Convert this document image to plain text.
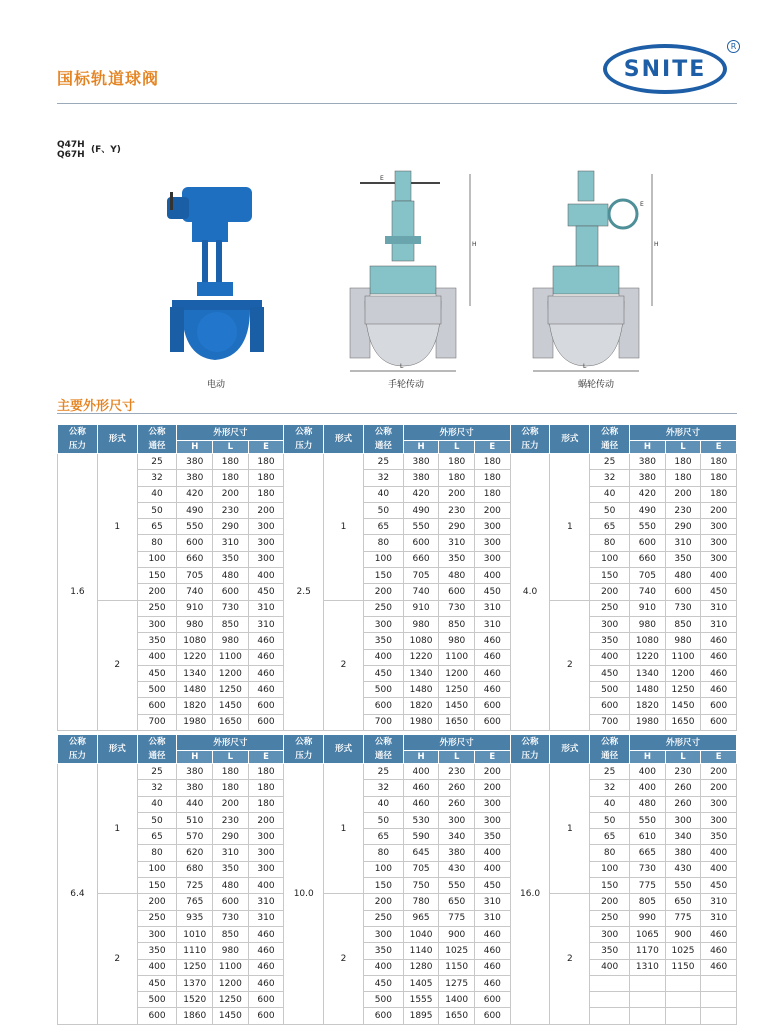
国标轨道球阀	SNITE
R
Q47H
Q67H (F、Y)
电动
E
H
L
手轮传动
E
H
L
蜗轮传动
主要外形尺寸
公称
压力	形式	公称
通径	外形尺寸			公称
压力	形式	公称
通径	外形尺寸			公称
压力	形式	公称
通径	外形尺寸		
			H	L	E				H	L	E				H	L	E
1.6	1	25	380	180	180	2.5	1	25	380	180	180	4.0	1	25	380	180	180
		32	380	180	180			32	380	180	180			32	380	180	180
		40	420	200	180			40	420	200	180			40	420	200	180
		50	490	230	200			50	490	230	200			50	490	230	200
		65	550	290	300			65	550	290	300			65	550	290	300
		80	600	310	300			80	600	310	300			80	600	310	300
		100	660	350	300			100	660	350	300			100	660	350	300
		150	705	480	400			150	705	480	400			150	705	480	400
		200	740	600	450			200	740	600	450			200	740	600	450
	2	250	910	730	310		2	250	910	730	310		2	250	910	730	310
		300	980	850	310			300	980	850	310			300	980	850	310
		350	1080	980	460			350	1080	980	460			350	1080	980	460
		400	1220	1100	460			400	1220	1100	460			400	1220	1100	460
		450	1340	1200	460			450	1340	1200	460			450	1340	1200	460
		500	1480	1250	460			500	1480	1250	460			500	1480	1250	460
		600	1820	1450	600			600	1820	1450	600			600	1820	1450	600
		700	1980	1650	600			700	1980	1650	600			700	1980	1650	600
公称
压力	形式	公称
通径	外形尺寸			公称
压力	形式	公称
通径	外形尺寸			公称
压力	形式	公称
通径	外形尺寸		
			H	L	E				H	L	E				H	L	E
6.4	1	25	380	180	180	10.0	1	25	400	230	200	16.0	1	25	400	230	200
		32	380	180	180			32	460	260	200			32	400	260	200
		40	440	200	180			40	460	260	300			40	480	260	300
		50	510	230	200			50	530	300	300			50	550	300	300
		65	570	290	300			65	590	340	350			65	610	340	350
		80	620	310	300			80	645	380	400			80	665	380	400
		100	680	350	300			100	705	430	400			100	730	430	400
		150	725	480	400			150	750	550	450			150	775	550	450
	2	200	765	600	310		2	200	780	650	310		2	200	805	650	310
		250	935	730	310			250	965	775	310			250	990	775	310
		300	1010	850	460			300	1040	900	460			300	1065	900	460
		350	1110	980	460			350	1140	1025	460			350	1170	1025	460
		400	1250	1100	460			400	1280	1150	460			400	1310	1150	460
		450	1370	1200	460			450	1405	1275	460						
		500	1520	1250	600			500	1555	1400	600						
		600	1860	1450	600			600	1895	1650	600						
